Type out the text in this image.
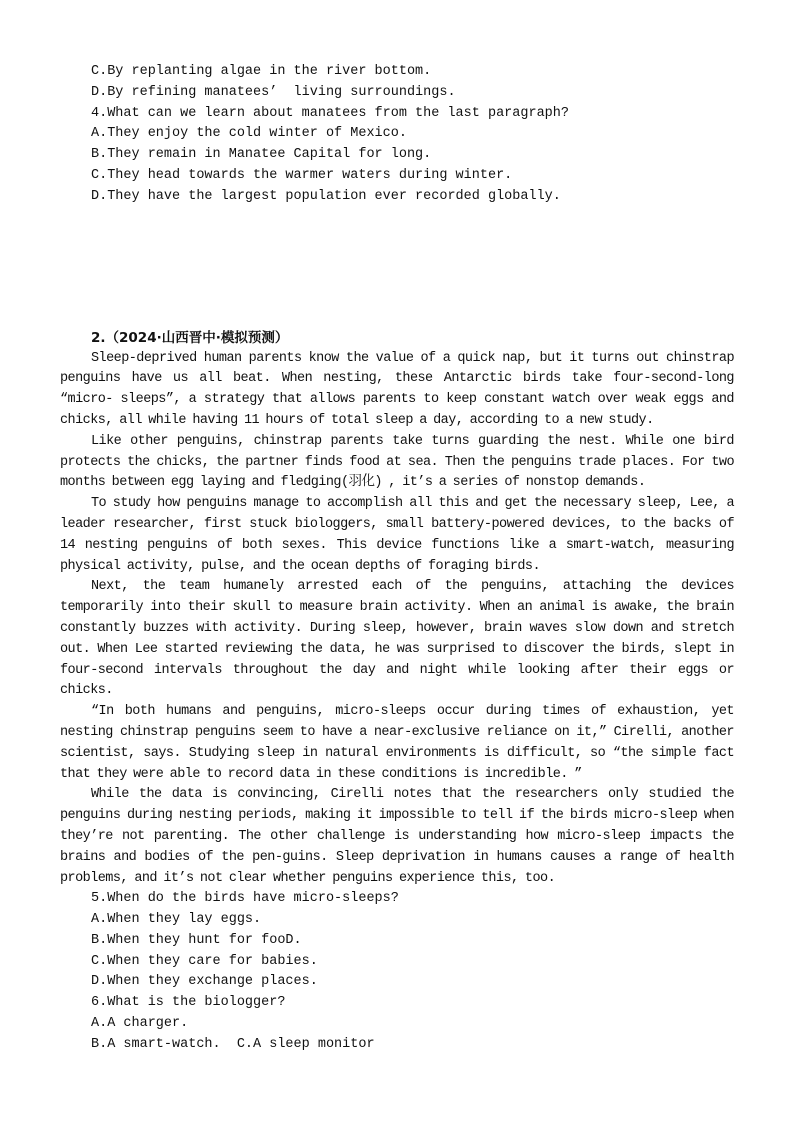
C.By replanting algae in the river bottom.

D.By refining manatees’  living surroundings.

4.What can we learn about manatees from the last paragraph?

A.They enjoy the cold winter of Mexico.

B.They remain in Manatee Capital for long.

C.They head towards the warmer waters during winter.

D.They have the largest population ever recorded globally.

2.（2024·山西晋中·模拟预测）

Sleep-deprived human parents know the value of a quick nap, but it turns out chinstrap penguins have us all beat. When nesting, these Antarctic birds take four-second-long “micro- sleeps”, a strategy that allows parents to keep constant watch over weak eggs and chicks, all while having 11 hours of total sleep a day, according to a new study.

Like other penguins, chinstrap parents take turns guarding the nest. While one bird protects the chicks, the partner finds food at sea. Then the penguins trade places. For two months between egg laying and fledging(羽化) , it’s a series of nonstop demands.

To study how penguins manage to accomplish all this and get the necessary sleep, Lee, a leader researcher, first stuck biologgers, small battery-powered devices, to the backs of 14 nesting penguins of both sexes. This device functions like a smart-watch, measuring physical activity, pulse, and the ocean depths of foraging birds.

Next, the team humanely arrested each of the penguins, attaching the devices temporarily into their skull to measure brain activity. When an animal is awake, the brain constantly buzzes with activity. During sleep, however, brain waves slow down and stretch out. When Lee started reviewing the data, he was surprised to discover the birds, slept in four-second intervals throughout the day and night while looking after their eggs or chicks.

“In both humans and penguins, micro-sleeps occur during times of exhaustion, yet nesting chinstrap penguins seem to have a near-exclusive reliance on it,” Cirelli, another scientist, says. Studying sleep in natural environments is difficult, so “the simple fact that they were able to record data in these conditions is incredible. ”

While the data is convincing, Cirelli notes that the researchers only studied the penguins during nesting periods, making it impossible to tell if the birds micro-sleep when they’re not parenting. The other challenge is understanding how micro-sleep impacts the brains and bodies of the pen-guins. Sleep deprivation in humans causes a range of health problems, and it’s not clear whether penguins experience this, too.

5.When do the birds have micro-sleeps?

A.When they lay eggs.

B.When they hunt for fooD.

C.When they care for babies.

D.When they exchange places.

6.What is the biologger?

A.A charger.

B.A smart-watch.  C.A sleep monitor
